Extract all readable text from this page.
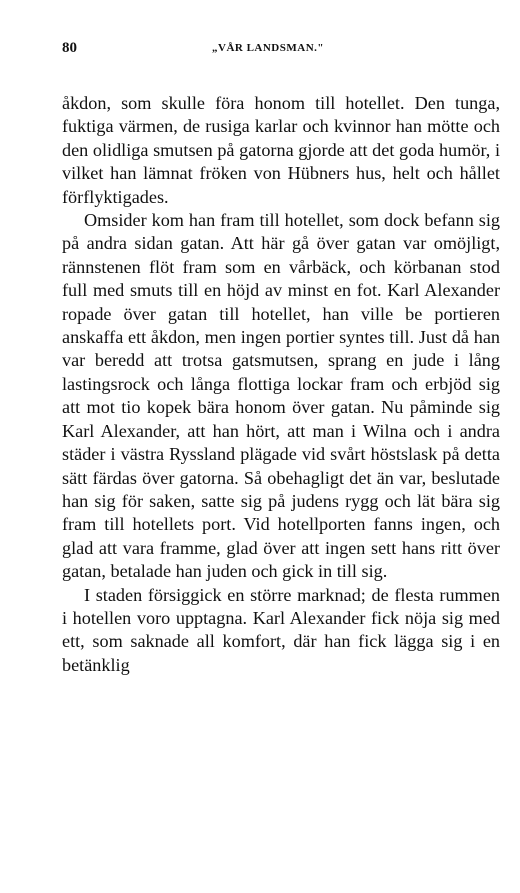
80	„VÅR LANDSMAN."

åkdon, som skulle föra honom till hotellet. Den tunga, fuktiga värmen, de rusiga karlar och kvinnor han mötte och den olidliga smutsen på gatorna gjorde att det goda humör, i vilket han lämnat fröken von Hübners hus, helt och hållet förflyktigades.

Omsider kom han fram till hotellet, som dock befann sig på andra sidan gatan. Att här gå över gatan var omöjligt, rännstenen flöt fram som en vårbäck, och körbanan stod full med smuts till en höjd av minst en fot. Karl Alexander ropade över gatan till hotellet, han ville be portieren anskaffa ett åkdon, men ingen portier syntes till. Just då han var beredd att trotsa gatsmutsen, sprang en jude i lång lastingsrock och långa flottiga lockar fram och erbjöd sig att mot tio kopek bära honom över gatan. Nu påminde sig Karl Alexander, att han hört, att man i Wilna och i andra städer i västra Ryssland plägade vid svårt höstslask på detta sätt färdas över gatorna. Så obehagligt det än var, beslutade han sig för saken, satte sig på judens rygg och lät bära sig fram till hotellets port. Vid hotellporten fanns ingen, och glad att vara framme, glad över att ingen sett hans ritt över gatan, betalade han juden och gick in till sig.

I staden försiggick en större marknad; de flesta rummen i hotellen voro upptagna. Karl Alexander fick nöja sig med ett, som saknade all komfort, där han fick lägga sig i en betänklig
